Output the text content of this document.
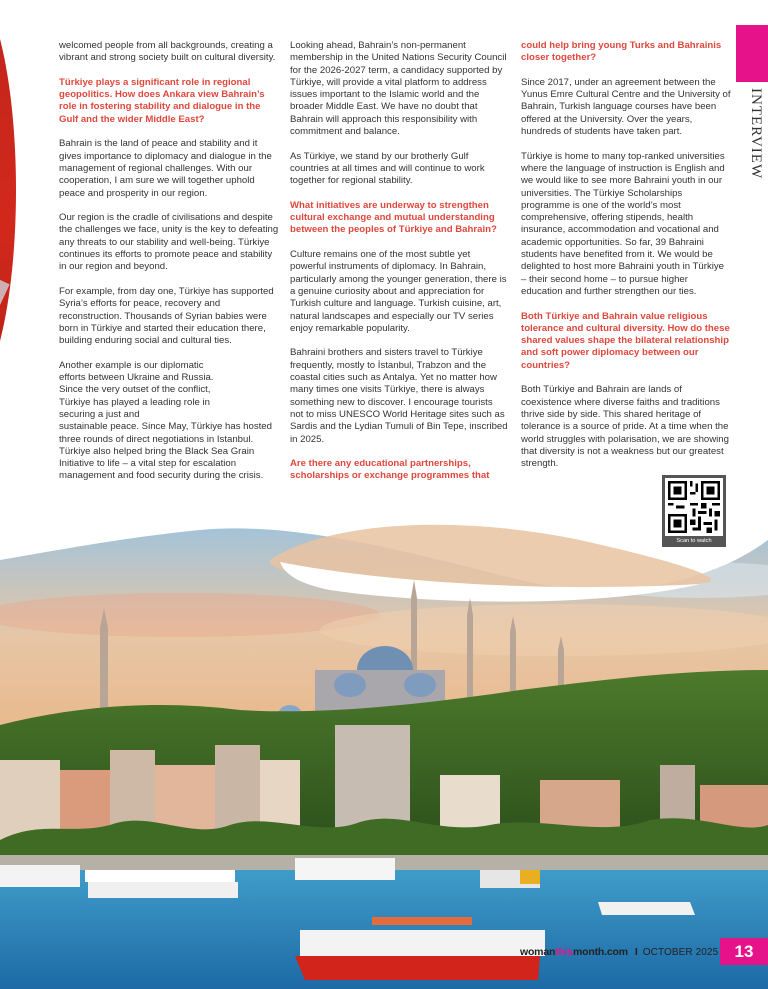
INTERVIEW

welcomed people from all backgrounds, creating a vibrant and strong society built on cultural diversity.

Türkiye plays a significant role in regional geopolitics. How does Ankara view Bahrain’s role in fostering stability and dialogue in the Gulf and the wider Middle East?

Bahrain is the land of peace and stability and it gives importance to diplomacy and dialogue in the management of regional challenges. With our cooperation, I am sure we will together uphold peace and prosperity in our region.

Our region is the cradle of civilisations and despite the challenges we face, unity is the key to defeating any threats to our stability and well-being. Türkiye continues its efforts to promote peace and stability in our region and beyond.

For example, from day one, Türkiye has supported Syria’s efforts for peace, recovery and reconstruction. Thousands of Syrian babies were born in Türkiye and started their education there, building enduring social and cultural ties.

Another example is our diplomatic efforts between Ukraine and Russia. Since the very outset of the conflict, Türkiye has played a leading role in securing a just and
sustainable peace. Since May, Türkiye has hosted three rounds of direct negotiations in Istanbul. Türkiye also helped bring the Black Sea Grain Initiative to life – a vital step for escalation management and food security during the crisis.

Looking ahead, Bahrain’s non-permanent membership in the United Nations Security Council for the 2026-2027 term, a candidacy supported by Türkiye, will provide a vital platform to address issues important to the Islamic world and the broader Middle East. We have no doubt that Bahrain will approach this responsibility with commitment and balance.

As Türkiye, we stand by our brotherly Gulf countries at all times and will continue to work together for regional stability.

What initiatives are underway to strengthen cultural exchange and mutual understanding between the peoples of Türkiye and Bahrain?

Culture remains one of the most subtle yet powerful instruments of diplomacy. In Bahrain, particularly among the younger generation, there is a genuine curiosity about and appreciation for Turkish culture and language. Turkish cuisine, art, natural landscapes and especially our TV series enjoy remarkable popularity.

Bahraini brothers and sisters travel to Türkiye frequently, mostly to İstanbul, Trabzon and the coastal cities such as Antalya. Yet no matter how many times one visits Türkiye, there is always something new to discover. I encourage tourists not to miss UNESCO World Heritage sites such as Sardis and the Lydian Tumuli of Bin Tepe, inscribed in 2025.

Are there any educational partnerships, scholarships or exchange programmes that

could help bring young Turks and Bahrainis closer together?

Since 2017, under an agreement between the Yunus Emre Cultural Centre and the University of Bahrain, Turkish language courses have been offered at the University. Over the years, hundreds of students have taken part.

Türkiye is home to many top-ranked universities where the language of instruction is English and we would like to see more Bahraini youth in our universities. The Türkiye Scholarships programme is one of the world’s most comprehensive, offering stipends, health insurance, accommodation and vocational and academic opportunities. So far, 39 Bahraini students have benefited from it. We would be delighted to host more Bahraini youth in Türkiye – their second home – to pursue higher education and further strengthen our ties.

Both Türkiye and Bahrain value religious tolerance and cultural diversity. How do these shared values shape the bilateral relationship and soft power diplomacy between our countries?

Both Türkiye and Bahrain are lands of coexistence where diverse faiths and traditions thrive side by side. This shared heritage of tolerance is a source of pride. At a time when the world struggles with polarisation, we are showing that diversity is not a weakness but our greatest strength.

Scan to watch
womanthismonth.com I OCTOBER 2025 13
